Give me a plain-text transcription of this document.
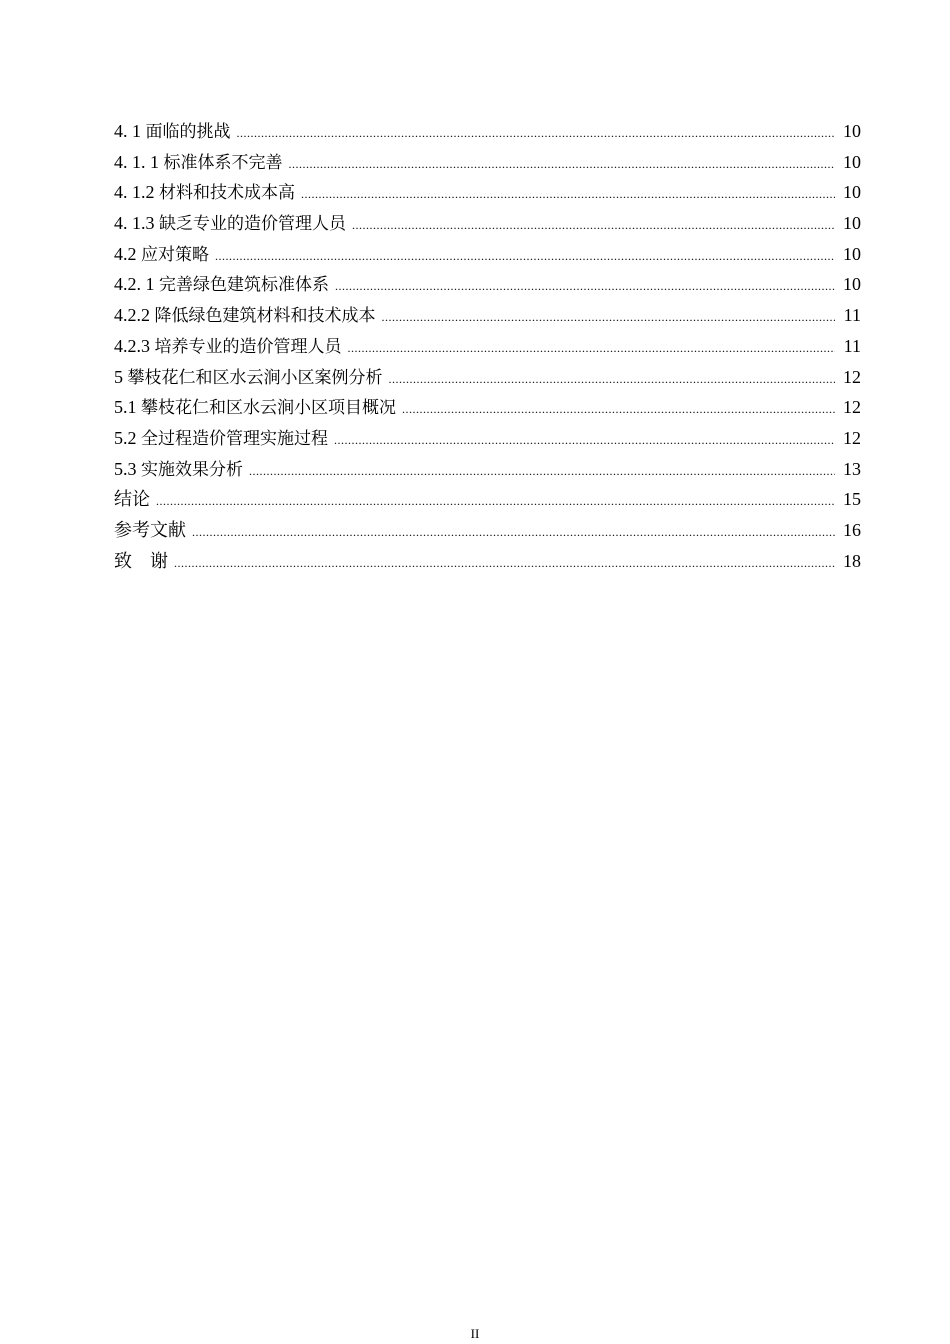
4. 1 面临的挑战 .....	10
4. 1. 1 标准体系不完善 .....	10
4. 1.2 材料和技术成本高 .....	10
4. 1.3 缺乏专业的造价管理人员 .....	10
4.2 应对策略 .....	10
4.2. 1 完善绿色建筑标准体系 .....	10
4.2.2 降低绿色建筑材料和技术成本 .....	11
4.2.3 培养专业的造价管理人员 .....	11
5 攀枝花仁和区水云涧小区案例分析 .....	12
5.1 攀枝花仁和区水云涧小区项目概况 .....	12
5.2 全过程造价管理实施过程 .....	12
5.3 实施效果分析 .....	13
结论 .....	15
参考文献 .....	16
致　谢 .....	18
II
